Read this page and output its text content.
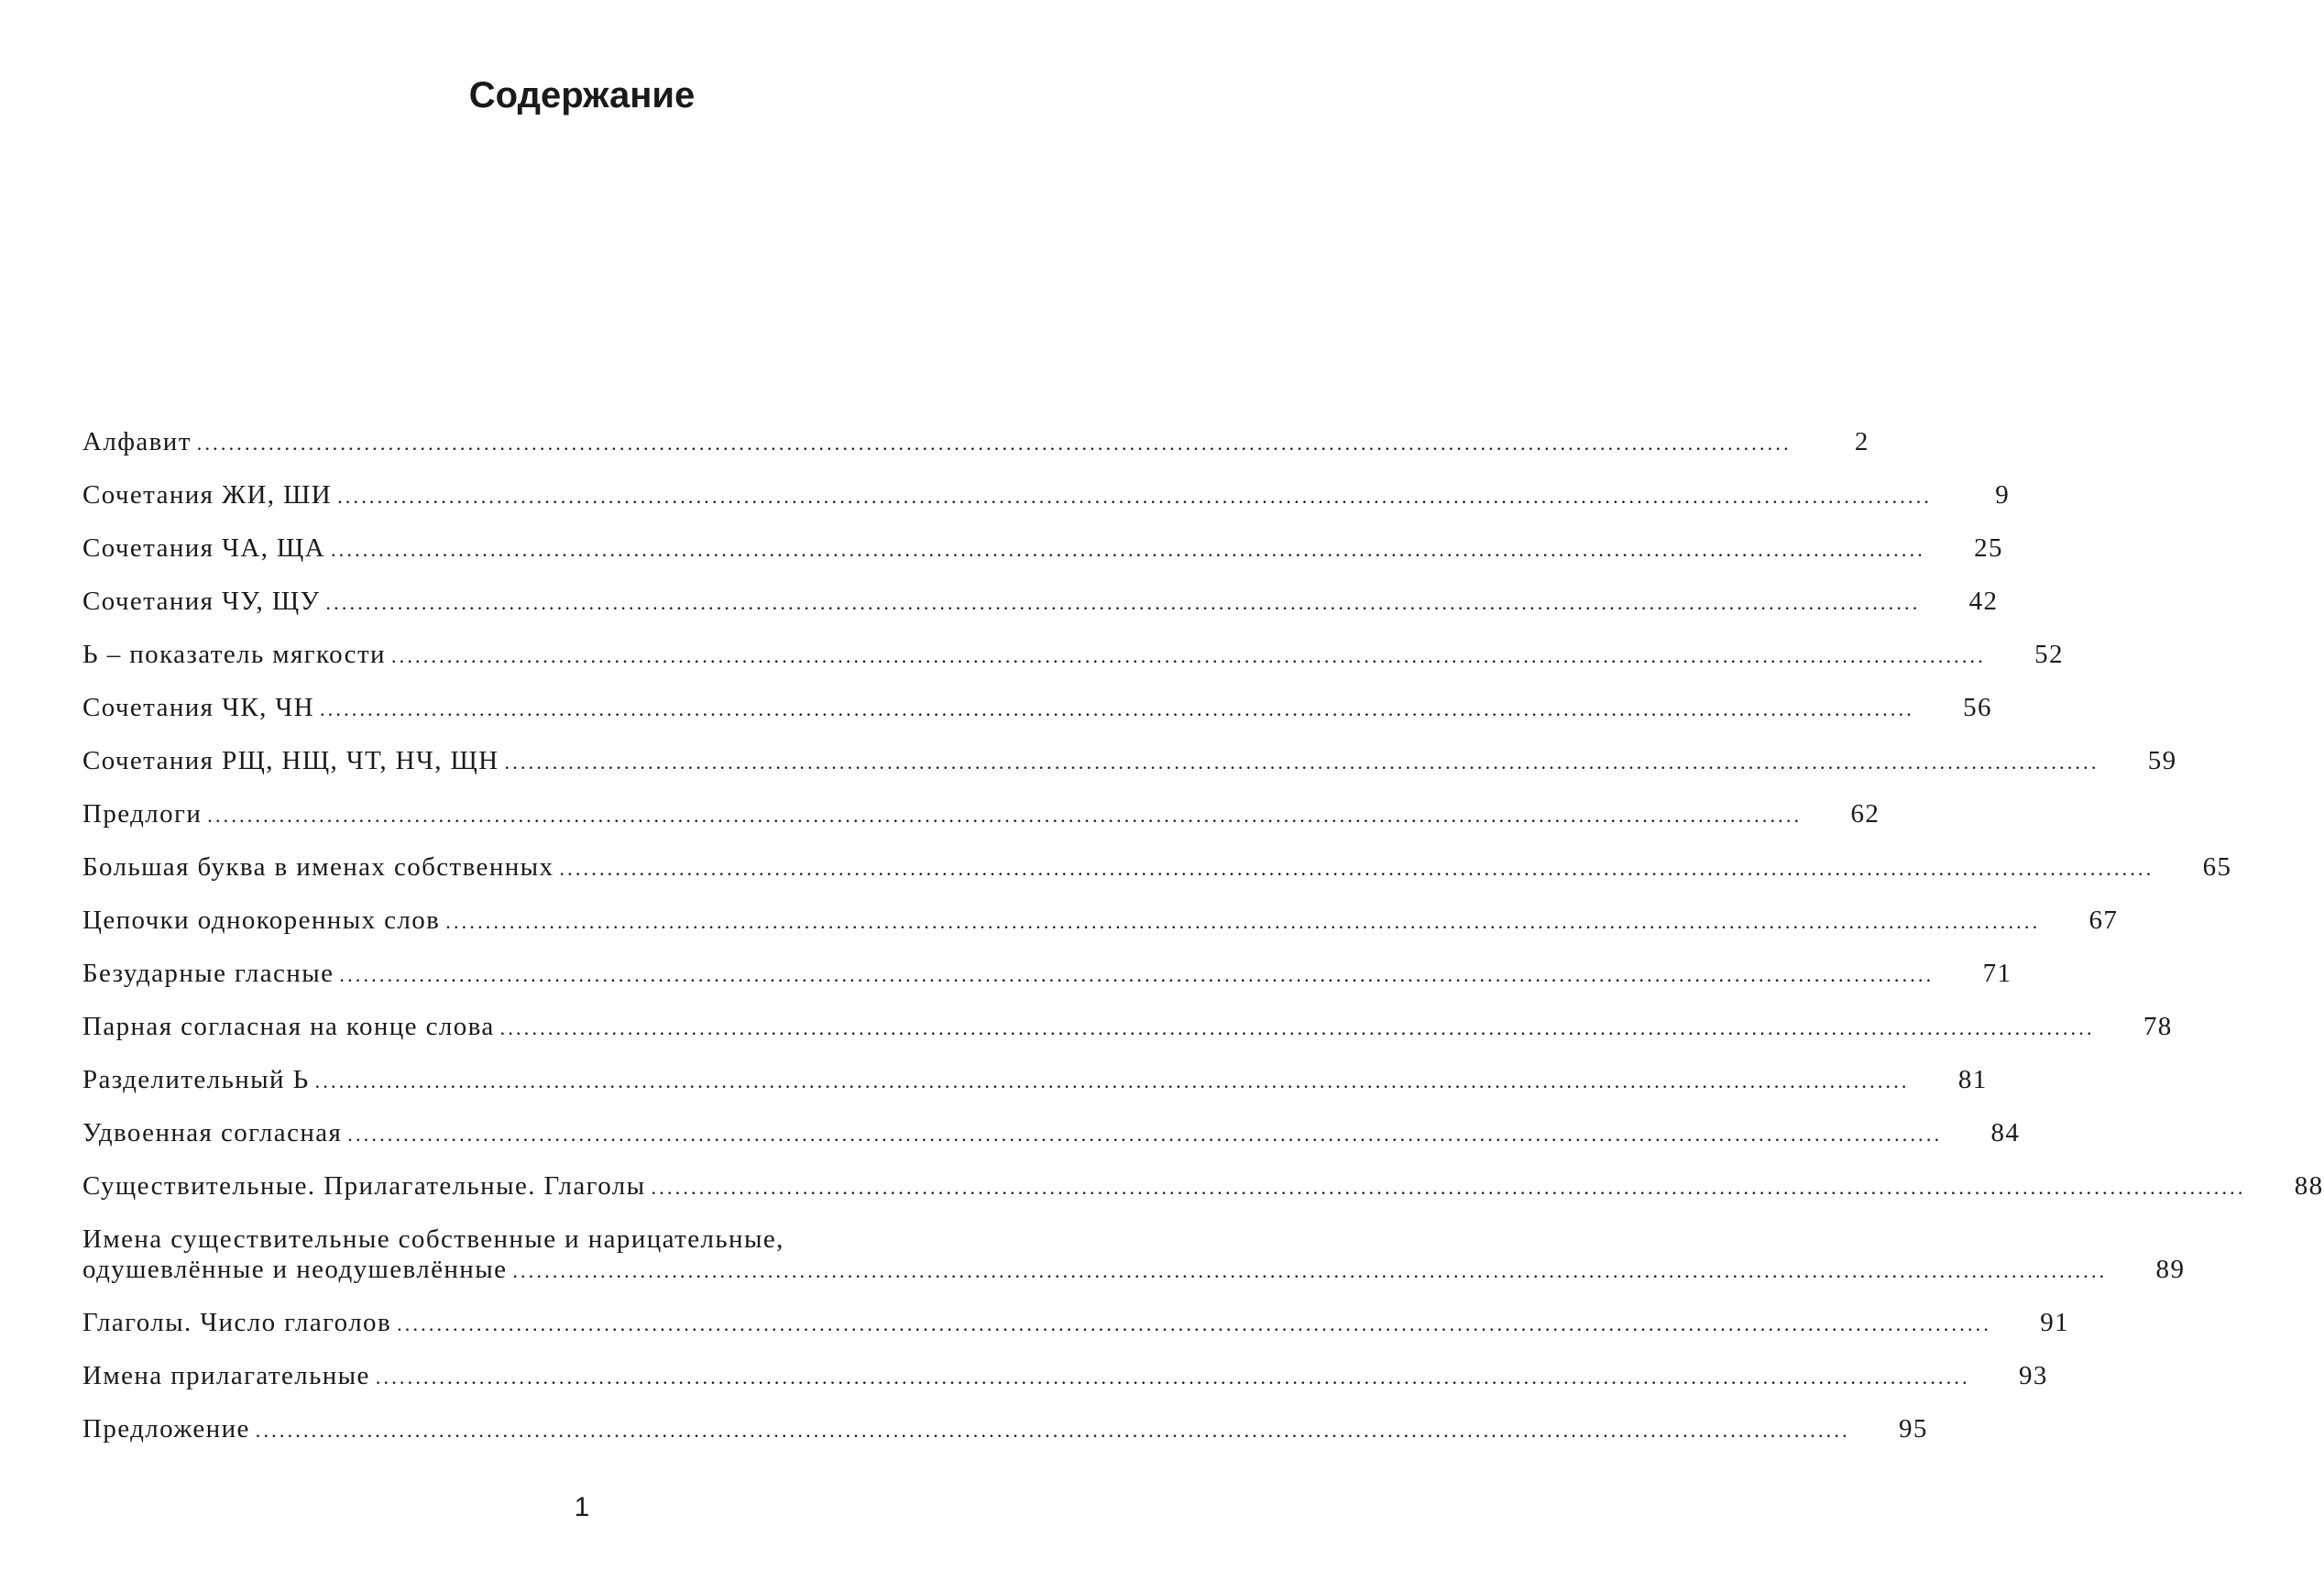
Содержание
Алфавит ........................................................................................................................................................................................................	2
Сочетания ЖИ, ШИ ........................................................................................................................................................................................................	9
Сочетания ЧА, ЩА ........................................................................................................................................................................................................	25
Сочетания ЧУ, ЩУ ........................................................................................................................................................................................................	42
Ь – показатель мягкости ........................................................................................................................................................................................................	52
Сочетания ЧК, ЧН ........................................................................................................................................................................................................	56
Сочетания РЩ, НЩ, ЧТ, НЧ, ЩН ........................................................................................................................................................................................................	59
Предлоги ........................................................................................................................................................................................................	62
Большая буква в именах собственных ........................................................................................................................................................................................................	65
Цепочки однокоренных слов ........................................................................................................................................................................................................	67
Безударные гласные ........................................................................................................................................................................................................	71
Парная согласная на конце слова ........................................................................................................................................................................................................	78
Разделительный Ь ........................................................................................................................................................................................................	81
Удвоенная согласная ........................................................................................................................................................................................................	84
Существительные. Прилагательные. Глаголы ........................................................................................................................................................................................................	88
Имена существительные собственные и нарицательные,
одушевлённые и неодушевлённые ........................................................................................................................................................................................................	89
Глаголы. Число глаголов ........................................................................................................................................................................................................	91
Имена прилагательные ........................................................................................................................................................................................................	93
Предложение ........................................................................................................................................................................................................	95
1
